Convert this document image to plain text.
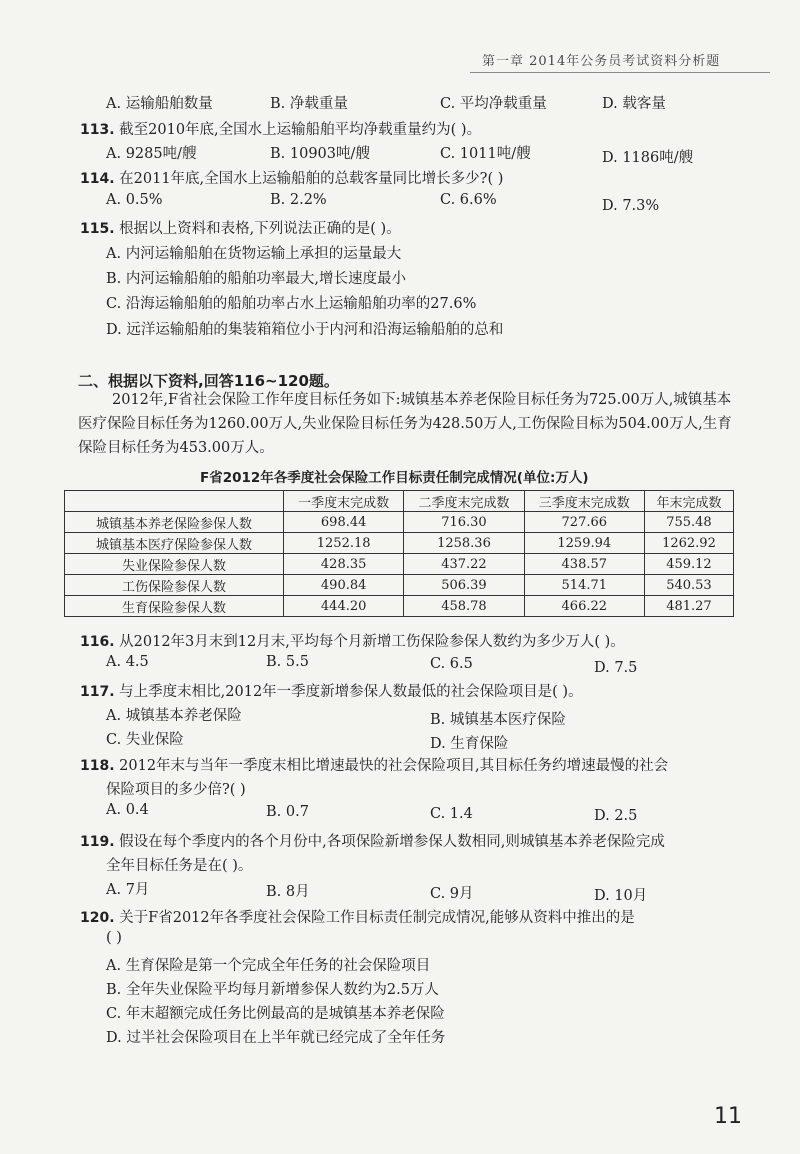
第一章 2014年公务员考试资料分析题
A. 运输船舶数量	B. 净载重量	C. 平均净载重量	D. 载客量
113. 截至2010年底,全国水上运输船舶平均净载重量约为( )。
A. 9285吨/艘	B. 10903吨/艘	C. 1011吨/艘	D. 1186吨/艘
114. 在2011年底,全国水上运输船舶的总载客量同比增长多少?( )
A. 0.5%	B. 2.2%	C. 6.6%	D. 7.3%
115. 根据以上资料和表格,下列说法正确的是( )。
A. 内河运输船舶在货物运输上承担的运量最大
B. 内河运输船舶的船舶功率最大,增长速度最小
C. 沿海运输船舶的船舶功率占水上运输船舶功率的27.6%
D. 远洋运输船舶的集装箱箱位小于内河和沿海运输船舶的总和
二、根据以下资料,回答116~120题。
2012年,F省社会保险工作年度目标任务如下:城镇基本养老保险目标任务为725.00万人,城镇基本医疗保险目标任务为1260.00万人,失业保险目标任务为428.50万人,工伤保险目标为504.00万人,生育保险目标任务为453.00万人。
F省2012年各季度社会保险工作目标责任制完成情况(单位:万人)
	一季度末完成数	二季度末完成数	三季度末完成数	年末完成数
城镇基本养老保险参保人数	698.44	716.30	727.66	755.48
城镇基本医疗保险参保人数	1252.18	1258.36	1259.94	1262.92
失业保险参保人数	428.35	437.22	438.57	459.12
工伤保险参保人数	490.84	506.39	514.71	540.53
生育保险参保人数	444.20	458.78	466.22	481.27
116. 从2012年3月末到12月末,平均每个月新增工伤保险参保人数约为多少万人( )。
A. 4.5	B. 5.5	C. 6.5	D. 7.5
117. 与上季度末相比,2012年一季度新增参保人数最低的社会保险项目是( )。
A. 城镇基本养老保险	B. 城镇基本医疗保险
C. 失业保险	D. 生育保险
118. 2012年末与当年一季度末相比增速最快的社会保险项目,其目标任务约增速最慢的社会
保险项目的多少倍?( )
A. 0.4	B. 0.7	C. 1.4	D. 2.5
119. 假设在每个季度内的各个月份中,各项保险新增参保人数相同,则城镇基本养老保险完成
全年目标任务是在( )。
A. 7月	B. 8月	C. 9月	D. 10月
120. 关于F省2012年各季度社会保险工作目标责任制完成情况,能够从资料中推出的是
( )
A. 生育保险是第一个完成全年任务的社会保险项目
B. 全年失业保险平均每月新增参保人数约为2.5万人
C. 年末超额完成任务比例最高的是城镇基本养老保险
D. 过半社会保险项目在上半年就已经完成了全年任务
11
